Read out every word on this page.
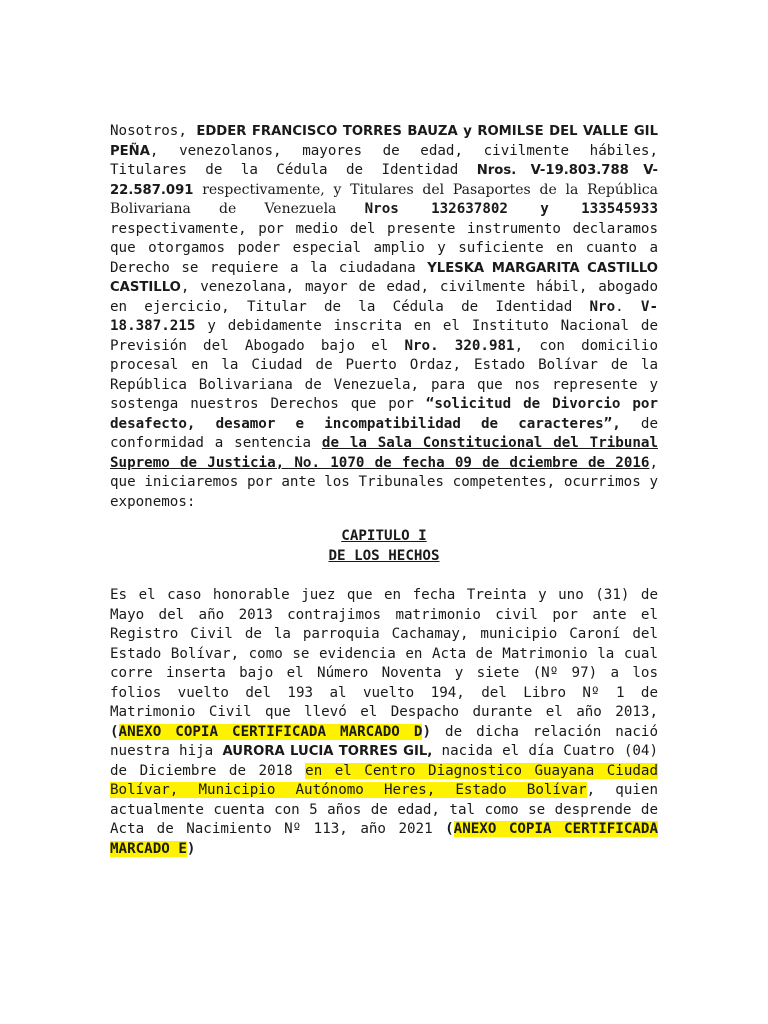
Nosotros, EDDER FRANCISCO TORRES BAUZA y ROMILSE DEL VALLE GIL PEÑA, venezolanos, mayores de edad, civilmente hábiles, Titulares de la Cédula de Identidad Nros. V-19.803.788 V-22.587.091 respectivamente, y Titulares del Pasaportes de la República Bolivariana de Venezuela Nros 132637802 y 133545933 respectivamente, por medio del presente instrumento declaramos que otorgamos poder especial amplio y suficiente en cuanto a Derecho se requiere a la ciudadana YLESKA MARGARITA CASTILLO CASTILLO, venezolana, mayor de edad, civilmente hábil, abogado en ejercicio, Titular de la Cédula de Identidad Nro. V-18.387.215 y debidamente inscrita en el Instituto Nacional de Previsión del Abogado bajo el Nro. 320.981, con domicilio procesal en la Ciudad de Puerto Ordaz, Estado Bolívar de la República Bolivariana de Venezuela, para que nos represente y sostenga nuestros Derechos que por “solicitud de Divorcio por desafecto, desamor e incompatibilidad de caracteres”, de conformidad a sentencia de la Sala Constitucional del Tribunal Supremo de Justicia, No. 1070 de fecha 09 de dciembre de 2016, que iniciaremos por ante los Tribunales competentes, ocurrimos y exponemos:

CAPITULO I

DE LOS HECHOS

Es el caso honorable juez que en fecha Treinta y uno (31) de Mayo del año 2013 contrajimos matrimonio civil por ante el Registro Civil de la parroquia Cachamay, municipio Caroní del Estado Bolívar, como se evidencia en Acta de Matrimonio la cual corre inserta bajo el Número Noventa y siete (Nº 97) a los folios vuelto del 193 al vuelto 194, del Libro Nº 1 de Matrimonio Civil que llevó el Despacho durante el año 2013, (ANEXO COPIA CERTIFICADA MARCADO D) de dicha relación nació nuestra hija AURORA LUCIA TORRES GIL, nacida el día Cuatro (04) de Diciembre de 2018 en el Centro Diagnostico Guayana Ciudad Bolívar, Municipio Autónomo Heres, Estado Bolívar, quien actualmente cuenta con 5 años de edad, tal como se desprende de Acta de Nacimiento Nº 113, año 2021 (ANEXO COPIA CERTIFICADA MARCADO E)
